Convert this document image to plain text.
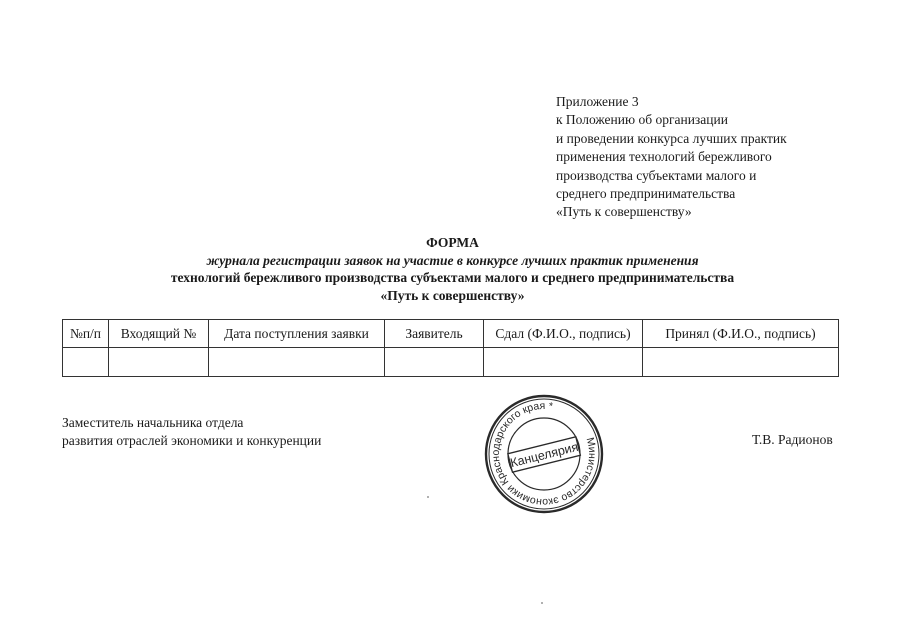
Приложение 3
к Положению об организации
и проведении конкурса лучших практик
применения технологий бережливого
производства субъектами малого и
среднего предпринимательства
«Путь к совершенству»
ФОРМА
журнала регистрации заявок на участие в конкурсе лучших практик применения
технологий бережливого производства субъектами малого и среднего предпринимательства
«Путь к совершенству»
№п/п	Входящий №	Дата поступления заявки	Заявитель	Сдал (Ф.И.О., подпись)	Принял (Ф.И.О., подпись)

Заместитель начальника отдела
развития отраслей экономики и конкуренции	Т.В. Радионов
Министерство экономики Краснодарского края *
Канцелярия
